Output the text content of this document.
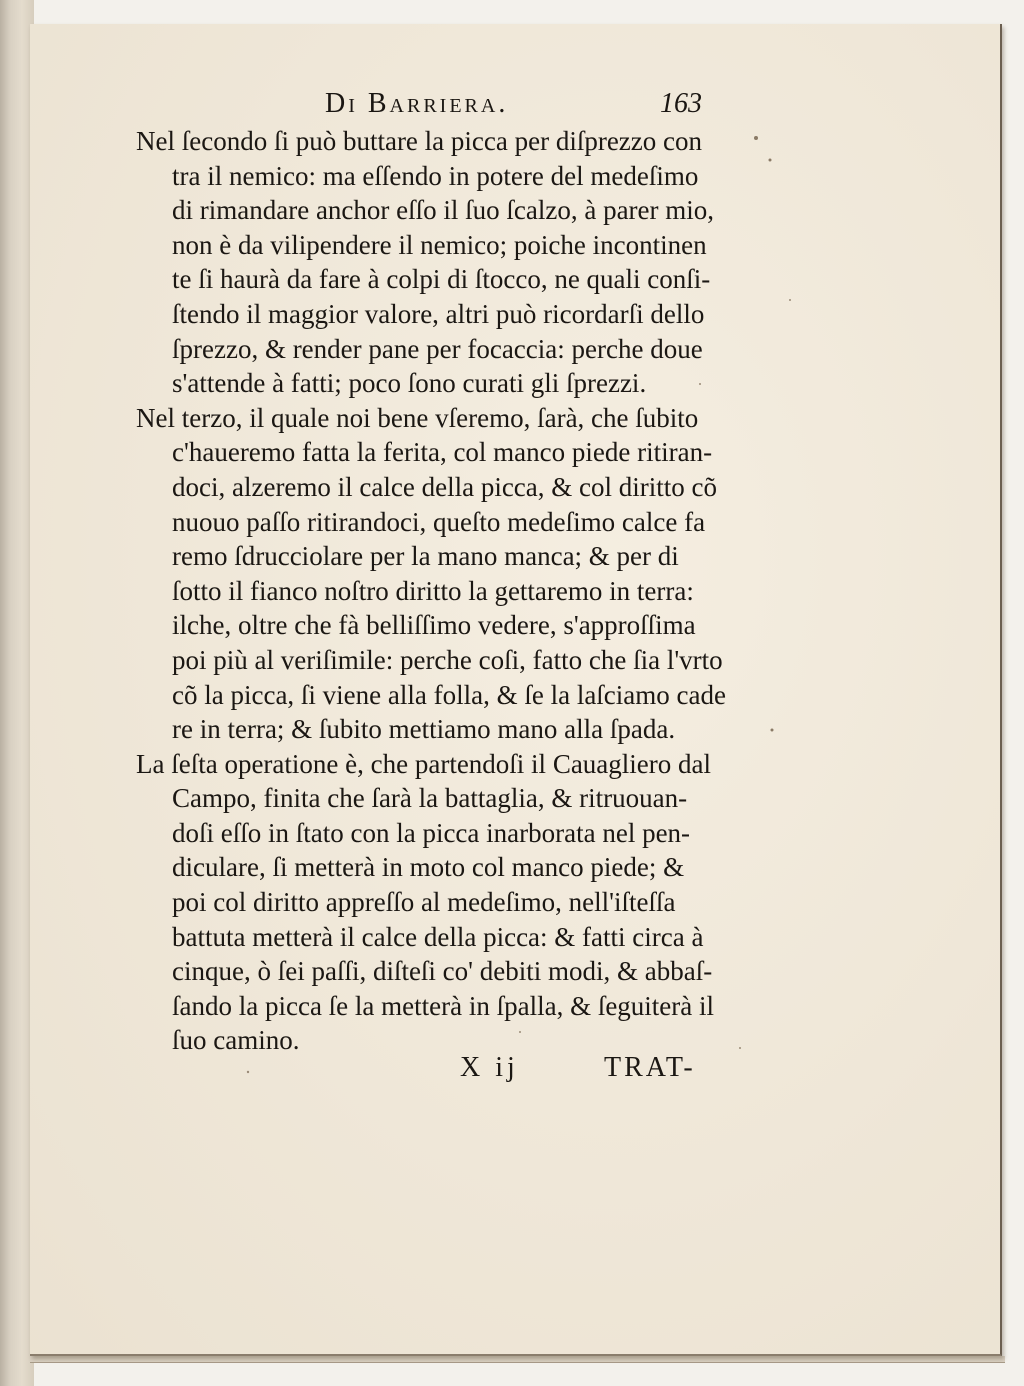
Di Barriera.	163
Nel ſecondo ſi può buttare la picca per diſprezzo con
tra il nemico: ma eſſendo in potere del medeſimo
di rimandare anchor eſſo il ſuo ſcalzo, à parer mio,
non è da vilipendere il nemico; poiche incontinen
te ſi haurà da fare à colpi di ſtocco, ne quali conſi-
ſtendo il maggior valore, altri può ricordarſi dello
ſprezzo, & render pane per focaccia: perche doue
s'attende à fatti; poco ſono curati gli ſprezzi.
Nel terzo, il quale noi bene vſeremo, ſarà, che ſubito
c'haueremo fatta la ferita, col manco piede ritiran-
doci, alzeremo il calce della picca, & col diritto cõ
nuouo paſſo ritirandoci, queſto medeſimo calce fa
remo ſdrucciolare per la mano manca; & per di
ſotto il fianco noſtro diritto la gettaremo in terra:
ilche, oltre che fà belliſſimo vedere, s'approſſima
poi più al veriſimile: perche coſi, fatto che ſia l'vrto
cõ la picca, ſi viene alla folla, & ſe la laſciamo cade
re in terra; & ſubito mettiamo mano alla ſpada.
La ſeſta operatione è, che partendoſi il Cauagliero dal
Campo, finita che ſarà la battaglia, & ritruouan-
doſi eſſo in ſtato con la picca inarborata nel pen-
diculare, ſi metterà in moto col manco piede; &
poi col diritto appreſſo al medeſimo, nell'iſteſſa
battuta metterà il calce della picca: & fatti circa à
cinque, ò ſei paſſi, diſteſi co' debiti modi, & abbaſ-
ſando la picca ſe la metterà in ſpalla, & ſeguiterà il
ſuo camino.
X ij	TRAT-
